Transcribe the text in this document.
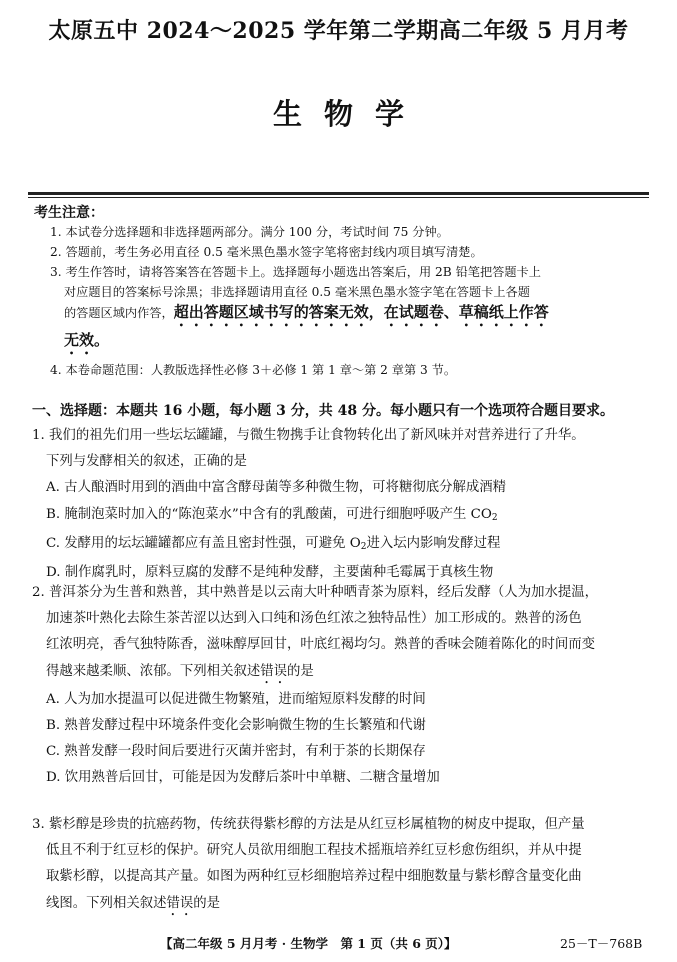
太原五中 2024～2025 学年第二学期高二年级 5 月月考
生物学
考生注意：
1. 本试卷分选择题和非选择题两部分。满分 100 分，考试时间 75 分钟。
2. 答题前，考生务必用直径 0.5 毫米黑色墨水签字笔将密封线内项目填写清楚。
3. 考生作答时，请将答案答在答题卡上。选择题每小题选出答案后，用 2B 铅笔把答题卡上
对应题目的答案标号涂黑；非选择题请用直径 0.5 毫米黑色墨水签字笔在答题卡上各题
的答题区域内作答，超出答题区域书写的答案无效，在试题卷、草稿纸上作答
无效。
4. 本卷命题范围：人教版选择性必修 3＋必修 1 第 1 章～第 2 章第 3 节。
一、选择题：本题共 16 小题，每小题 3 分，共 48 分。每小题只有一个选项符合题目要求。
1. 我们的祖先们用一些坛坛罐罐，与微生物携手让食物转化出了新风味并对营养进行了升华。
下列与发酵相关的叙述，正确的是
A. 古人酿酒时用到的酒曲中富含酵母菌等多种微生物，可将糖彻底分解成酒精
B. 腌制泡菜时加入的“陈泡菜水”中含有的乳酸菌，可进行细胞呼吸产生 $CO_2$
C. 发酵用的坛坛罐罐都应有盖且密封性强，可避免 $O_2$进入坛内影响发酵过程
D. 制作腐乳时，原料豆腐的发酵不是纯种发酵，主要菌种毛霉属于真核生物
2. 普洱茶分为生普和熟普，其中熟普是以云南大叶种晒青茶为原料，经后发酵（人为加水提温，
加速茶叶熟化去除生茶苦涩以达到入口纯和汤色红浓之独特品性）加工形成的。熟普的汤色
红浓明亮，香气独特陈香，滋味醇厚回甘，叶底红褐均匀。熟普的香味会随着陈化的时间而变
得越来越柔顺、浓郁。下列相关叙述错误的是
A. 人为加水提温可以促进微生物繁殖，进而缩短原料发酵的时间
B. 熟普发酵过程中环境条件变化会影响微生物的生长繁殖和代谢
C. 熟普发酵一段时间后要进行灭菌并密封，有利于茶的长期保存
D. 饮用熟普后回甘，可能是因为发酵后茶叶中单糖、二糖含量增加
3. 紫杉醇是珍贵的抗癌药物，传统获得紫杉醇的方法是从红豆杉属植物的树皮中提取，但产量
低且不利于红豆杉的保护。研究人员欲用细胞工程技术摇瓶培养红豆杉愈伤组织，并从中提
取紫杉醇，以提高其产量。如图为两种红豆杉细胞培养过程中细胞数量与紫杉醇含量变化曲
线图。下列相关叙述错误的是
【高二年级 5 月月考 · 生物学　第 1 页（共 6 页）】	25－T－768B
